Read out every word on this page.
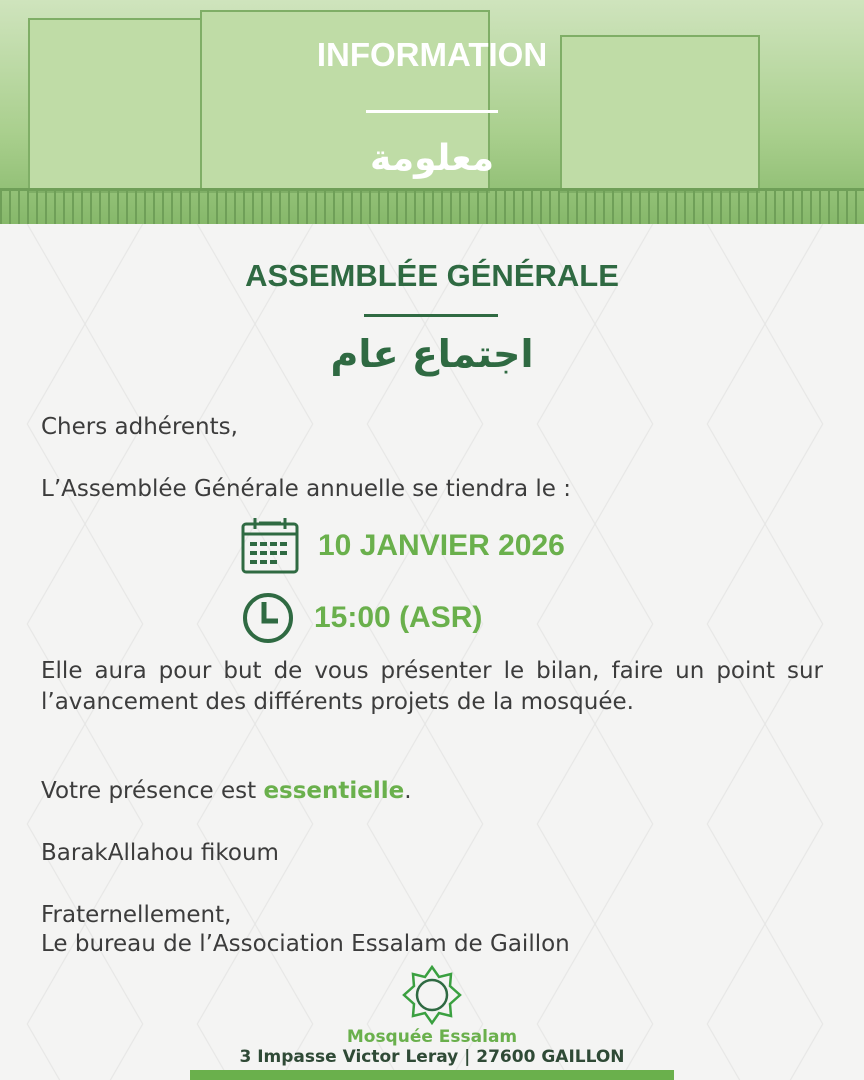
INFORMATION
معلومة
ASSEMBLÉE GÉNÉRALE
اجتماع عام
Chers adhérents,
L’Assemblée Générale annuelle se tiendra le :
10 JANVIER 2026
15:00 (ASR)
Elle aura pour but de vous présenter le bilan, faire un point sur l’avancement des différents projets de la mosquée.
Votre présence est essentielle.
BarakAllahou fikoum
Fraternellement,
Le bureau de l’Association Essalam de Gaillon
Mosquée Essalam
3 Impasse Victor Leray | 27600 GAILLON
